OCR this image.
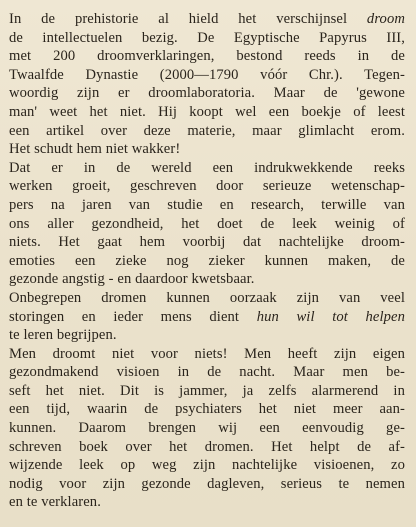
In de prehistorie al hield het verschijnsel droom
de intellectuelen bezig. De Egyptische Papyrus III,
met 200 droomverklaringen, bestond reeds in de
Twaalfde Dynastie (2000—1790 vóór Chr.). Tegen-
woordig zijn er droomlaboratoria. Maar de 'gewone
man' weet het niet. Hij koopt wel een boekje of leest
een artikel over deze materie, maar glimlacht erom.
Het schudt hem niet wakker!
Dat er in de wereld een indrukwekkende reeks
werken groeit, geschreven door serieuze wetenschap-
pers na jaren van studie en research, terwille van
ons aller gezondheid, het doet de leek weinig of
niets. Het gaat hem voorbij dat nachtelijke droom-
emoties een zieke nog zieker kunnen maken, de
gezonde angstig - en daardoor kwetsbaar.
Onbegrepen dromen kunnen oorzaak zijn van veel
storingen en ieder mens dient hun wil tot helpen
te leren begrijpen.
Men droomt niet voor niets! Men heeft zijn eigen
gezondmakend visioen in de nacht. Maar men be-
seft het niet. Dit is jammer, ja zelfs alarmerend in
een tijd, waarin de psychiaters het niet meer aan-
kunnen. Daarom brengen wij een eenvoudig ge-
schreven boek over het dromen. Het helpt de af-
wijzende leek op weg zijn nachtelijke visioenen, zo
nodig voor zijn gezonde dagleven, serieus te nemen
en te verklaren.
